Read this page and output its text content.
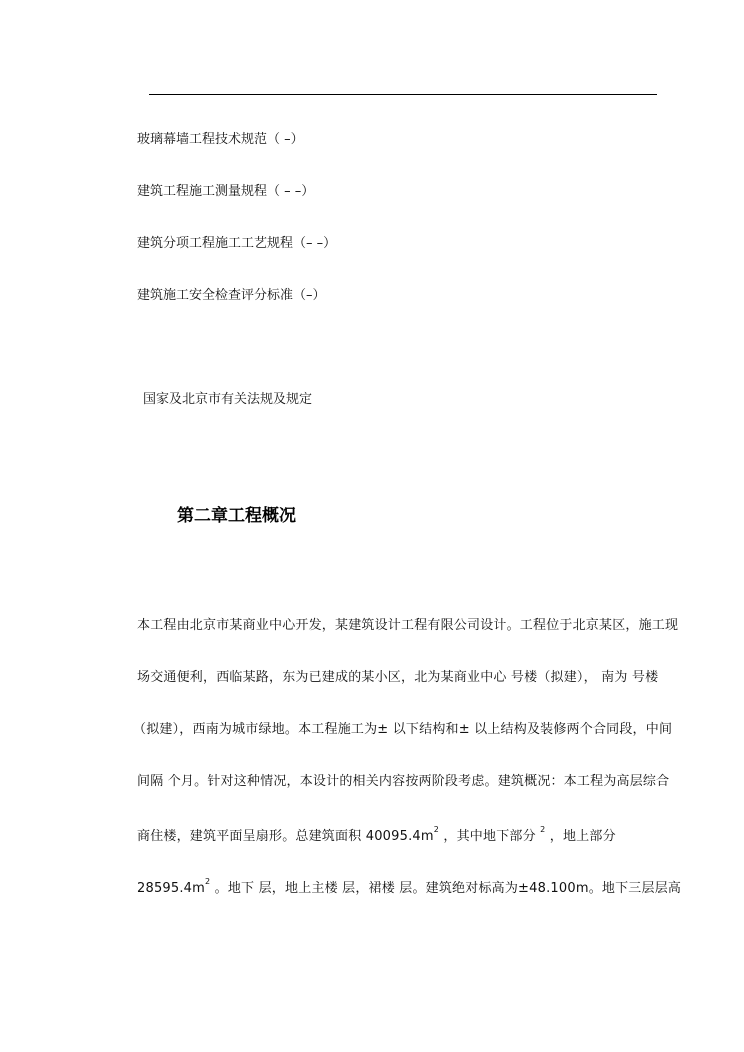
玻璃幕墙工程技术规范（ –）
建筑工程施工测量规程（ – –）
建筑分项工程施工工艺规程（– –）
建筑施工安全检查评分标准（–）
国家及北京市有关法规及规定
第二章工程概况
本工程由北京市某商业中心开发，某建筑设计工程有限公司设计。工程位于北京某区，施工现
场交通便利，西临某路，东为已建成的某小区，北为某商业中心 号楼（拟建）， 南为 号楼
（拟建），西南为城市绿地。本工程施工为± 以下结构和± 以上结构及装修两个合同段，中间
间隔 个月。针对这种情况，本设计的相关内容按两阶段考虑。建筑概况：本工程为高层综合
商住楼，建筑平面呈扇形。总建筑面积 $40095.4m^2$ ，其中地下部分 $^2$ ，地上部分
$28595.4m^2$ 。地下 层，地上主楼 层，裙楼 层。建筑绝对标高为±48.100m。地下三层层高
